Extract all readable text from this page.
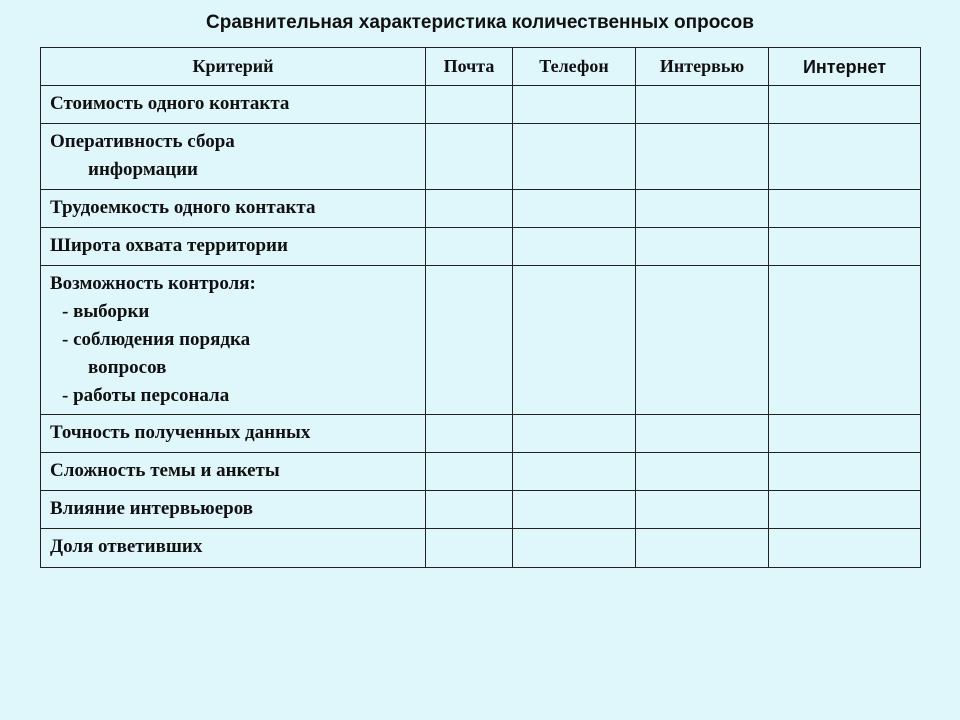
Сравнительная характеристика количественных опросов
Критерий	Почта	Телефон	Интервью	Интернет

Стоимость одного контакта				

Оперативность сбора
информации				

Трудоемкость одного контакта				

Широта охвата территории				

Возможность контроля:
- выборки
- соблюдения порядка
вопросов
- работы персонала				

Точность полученных данных				

Сложность темы и анкеты				

Влияние интервьюеров				

Доля ответивших				
